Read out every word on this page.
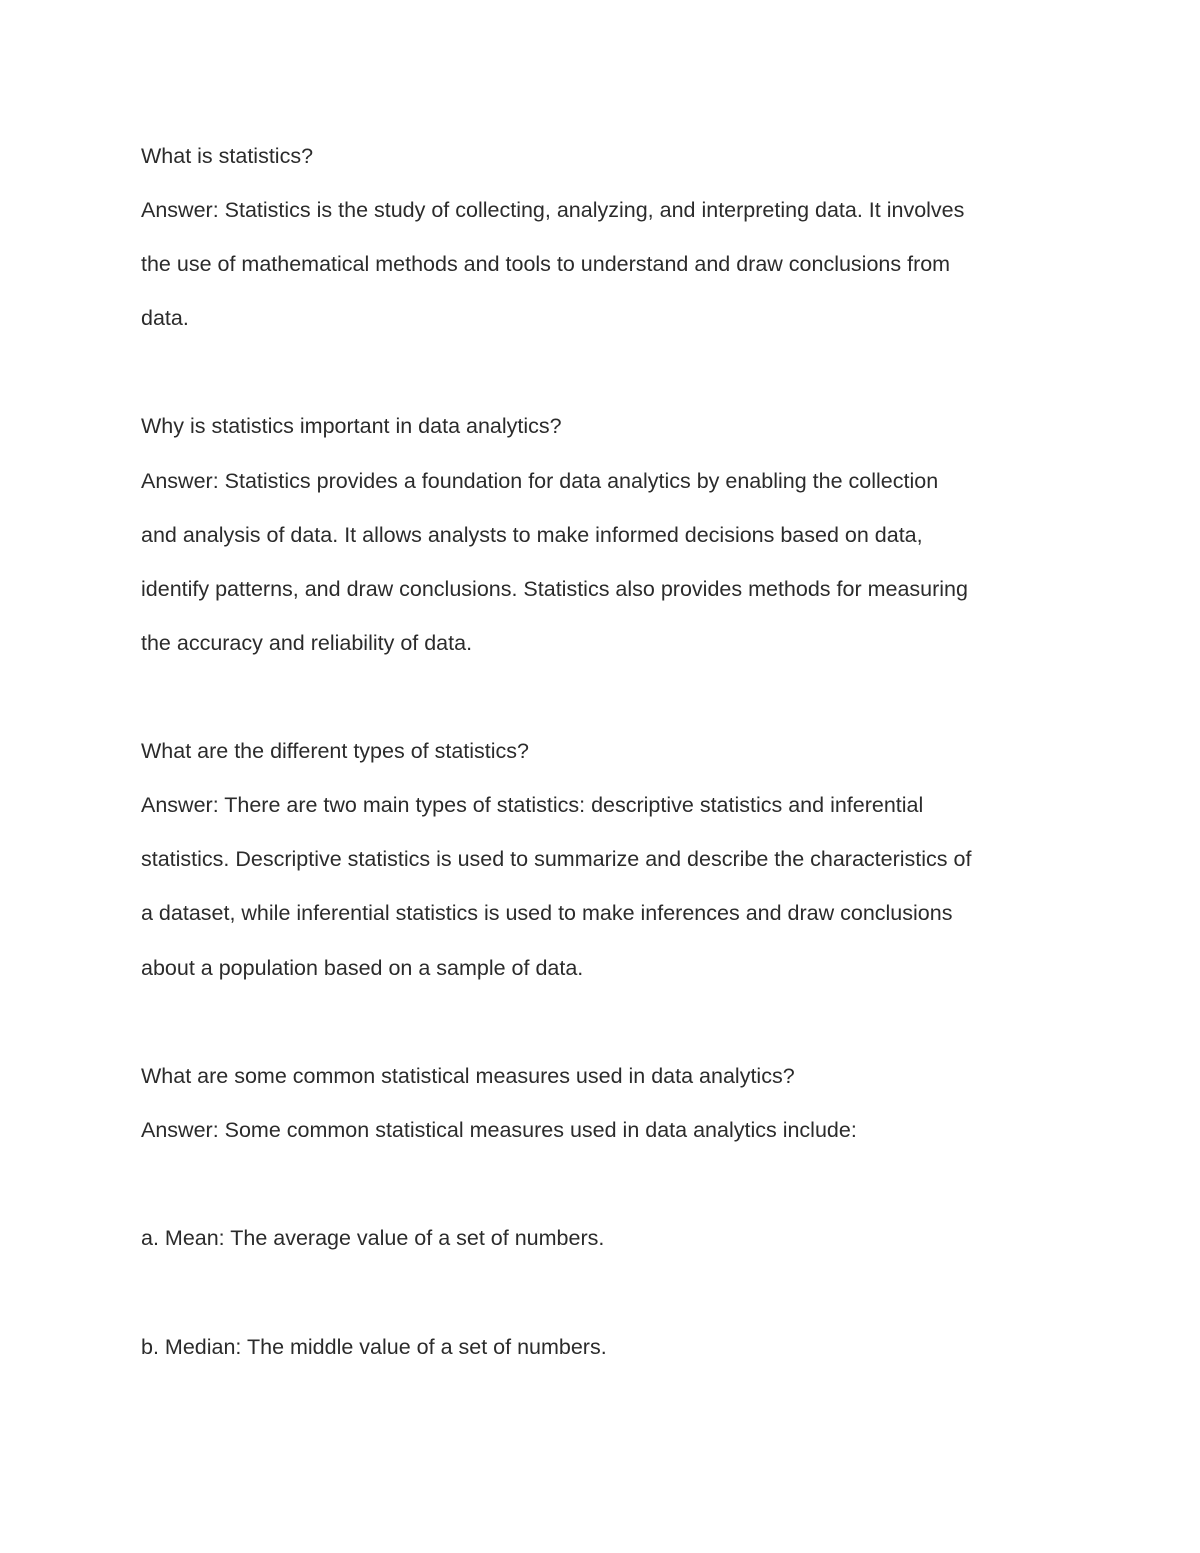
What is statistics?

Answer: Statistics is the study of collecting, analyzing, and interpreting data. It involves

the use of mathematical methods and tools to understand and draw conclusions from

data.

Why is statistics important in data analytics?

Answer: Statistics provides a foundation for data analytics by enabling the collection

and analysis of data. It allows analysts to make informed decisions based on data,

identify patterns, and draw conclusions. Statistics also provides methods for measuring

the accuracy and reliability of data.

What are the different types of statistics?

Answer: There are two main types of statistics: descriptive statistics and inferential

statistics. Descriptive statistics is used to summarize and describe the characteristics of

a dataset, while inferential statistics is used to make inferences and draw conclusions

about a population based on a sample of data.

What are some common statistical measures used in data analytics?

Answer: Some common statistical measures used in data analytics include:

a. Mean: The average value of a set of numbers.

b. Median: The middle value of a set of numbers.
